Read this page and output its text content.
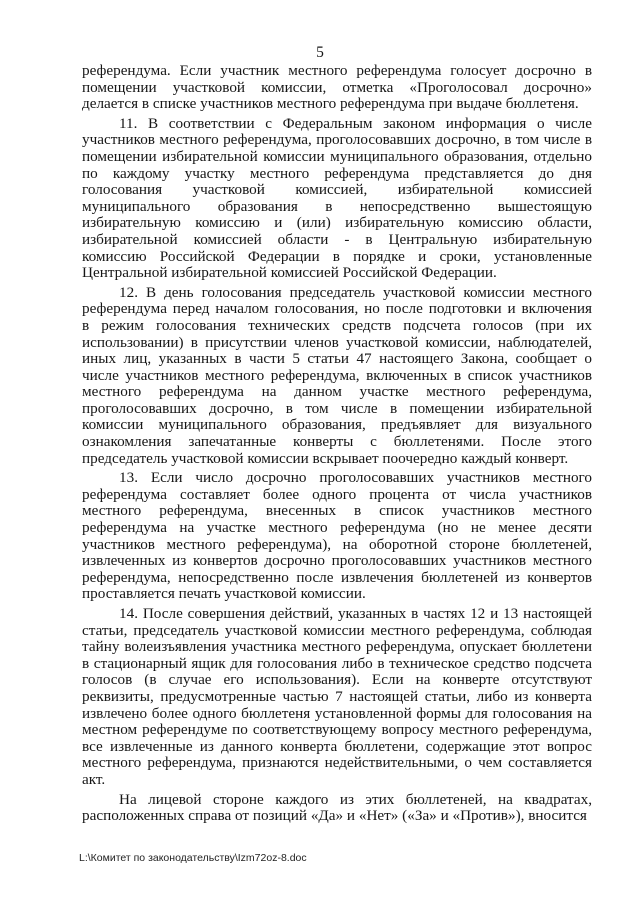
5
референдума. Если участник местного референдума голосует досрочно в
помещении участковой комиссии, отметка «Проголосовал досрочно»
делается в списке участников местного референдума при выдаче бюллетеня.
11. В соответствии с Федеральным законом информация о числе
участников местного референдума, проголосовавших досрочно, в том числе в
помещении избирательной комиссии муниципального образования, отдельно
по каждому участку местного референдума представляется до дня
голосования участковой комиссией, избирательной комиссией
муниципального образования в непосредственно вышестоящую
избирательную комиссию и (или) избирательную комиссию области,
избирательной комиссией области - в Центральную избирательную
комиссию Российской Федерации в порядке и сроки, установленные
Центральной избирательной комиссией Российской Федерации.
12. В день голосования председатель участковой комиссии местного
референдума перед началом голосования, но после подготовки и включения
в режим голосования технических средств подсчета голосов (при их
использовании) в присутствии членов участковой комиссии, наблюдателей,
иных лиц, указанных в части 5 статьи 47 настоящего Закона, сообщает о
числе участников местного референдума, включенных в список участников
местного референдума на данном участке местного референдума,
проголосовавших досрочно, в том числе в помещении избирательной
комиссии муниципального образования, предъявляет для визуального
ознакомления запечатанные конверты с бюллетенями. После этого
председатель участковой комиссии вскрывает поочередно каждый конверт.
13. Если число досрочно проголосовавших участников местного
референдума составляет более одного процента от числа участников
местного референдума, внесенных в список участников местного
референдума на участке местного референдума (но не менее десяти
участников местного референдума), на оборотной стороне бюллетеней,
извлеченных из конвертов досрочно проголосовавших участников местного
референдума, непосредственно после извлечения бюллетеней из конвертов
проставляется печать участковой комиссии.
14. После совершения действий, указанных в частях 12 и 13 настоящей
статьи, председатель участковой комиссии местного референдума, соблюдая
тайну волеизъявления участника местного референдума, опускает бюллетени
в стационарный ящик для голосования либо в техническое средство подсчета
голосов (в случае его использования). Если на конверте отсутствуют
реквизиты, предусмотренные частью 7 настоящей статьи, либо из конверта
извлечено более одного бюллетеня установленной формы для голосования на
местном референдуме по соответствующему вопросу местного референдума,
все извлеченные из данного конверта бюллетени, содержащие этот вопрос
местного референдума, признаются недействительными, о чем составляется
акт.
На лицевой стороне каждого из этих бюллетеней, на квадратах,
расположенных справа от позиций «Да» и «Нет» («За» и «Против»), вносится
L:\Комитет по законодательству\Izm72oz-8.doc
